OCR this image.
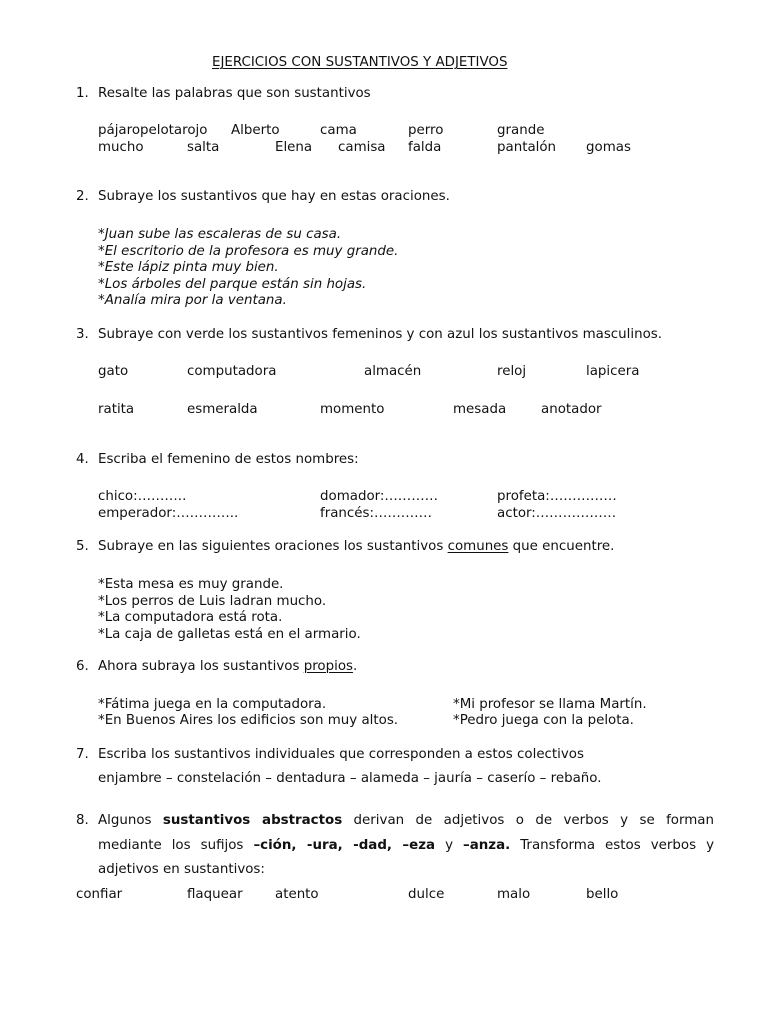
EJERCICIOS CON SUSTANTIVOS Y ADJETIVOS
1. Resalte las palabras que son sustantivos
pájaropelotarojo Alberto	cama	perro	grande
mucho	salta	Elena camisa falda	pantalón gomas
2. Subraye los sustantivos que hay en estas oraciones.
*Juan sube las escaleras de su casa.
*El escritorio de la profesora es muy grande.
*Este lápiz pinta muy bien.
*Los árboles del parque están sin hojas.
*Analía mira por la ventana.
3. Subraye con verde los sustantivos femeninos y con azul los sustantivos masculinos.
gato	computadora	almacén	reloj	lapicera
ratita	esmeralda	momento	mesada	anotador
4. Escriba el femenino de estos nombres:
chico:………..	domador:…………	profeta:……………
emperador:…………..	francés:………….	actor:………………
5. Subraye en las siguientes oraciones los sustantivos comunes que encuentre.
*Esta mesa es muy grande.
*Los perros de Luis ladran mucho.
*La computadora está rota.
*La caja de galletas está en el armario.
6. Ahora subraya los sustantivos propios.
*Fátima juega en la computadora.
*En Buenos Aires los edificios son muy altos.
*Mi profesor se llama Martín.
*Pedro juega con la pelota.
7. Escriba los sustantivos individuales que corresponden a estos colectivos
enjambre – constelación – dentadura – alameda – jauría – caserío – rebaño.
8. Algunos sustantivos abstractos derivan de adjetivos o de verbos y se forman
mediante los sufijos –ción, -ura, -dad, –eza y –anza. Transforma estos verbos y
adjetivos en sustantivos:
confiar	flaquear atento	dulce	malo	bello
